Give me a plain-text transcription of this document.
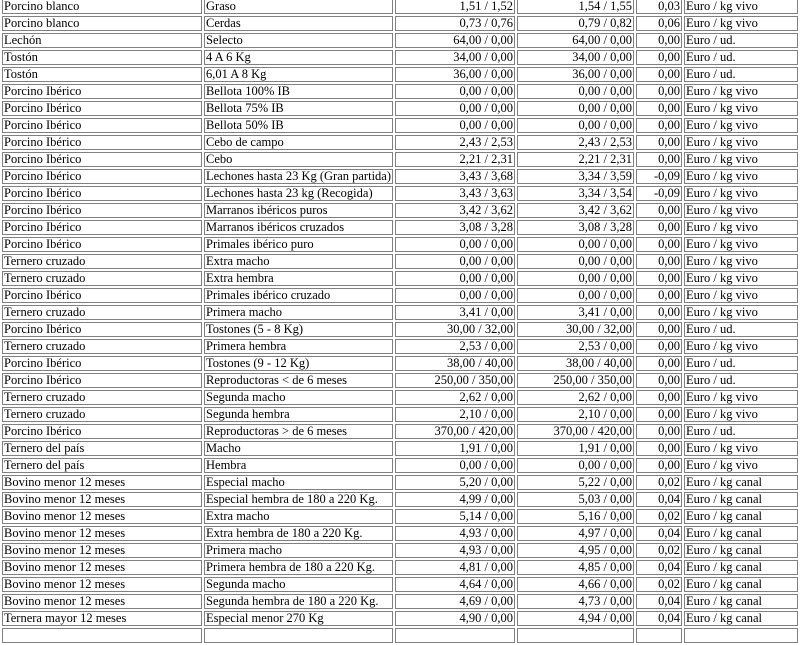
Porcino blanco	Graso	1,51 / 1,52	1,54 / 1,55	0,03	Euro / kg vivo
Porcino blanco	Cerdas	0,73 / 0,76	0,79 / 0,82	0,06	Euro / kg vivo
Lechón	Selecto	64,00 / 0,00	64,00 / 0,00	0,00	Euro / ud.
Tostón	4 A 6 Kg	34,00 / 0,00	34,00 / 0,00	0,00	Euro / ud.
Tostón	6,01 A 8 Kg	36,00 / 0,00	36,00 / 0,00	0,00	Euro / ud.
Porcino Ibérico	Bellota 100% IB	0,00 / 0,00	0,00 / 0,00	0,00	Euro / kg vivo
Porcino Ibérico	Bellota 75% IB	0,00 / 0,00	0,00 / 0,00	0,00	Euro / kg vivo
Porcino Ibérico	Bellota 50% IB	0,00 / 0,00	0,00 / 0,00	0,00	Euro / kg vivo
Porcino Ibérico	Cebo de campo	2,43 / 2,53	2,43 / 2,53	0,00	Euro / kg vivo
Porcino Ibérico	Cebo	2,21 / 2,31	2,21 / 2,31	0,00	Euro / kg vivo
Porcino Ibérico	Lechones hasta 23 Kg (Gran partida)	3,43 / 3,68	3,34 / 3,59	-0,09	Euro / kg vivo
Porcino Ibérico	Lechones hasta 23 kg (Recogida)	3,43 / 3,63	3,34 / 3,54	-0,09	Euro / kg vivo
Porcino Ibérico	Marranos ibéricos puros	3,42 / 3,62	3,42 / 3,62	0,00	Euro / kg vivo
Porcino Ibérico	Marranos ibéricos cruzados	3,08 / 3,28	3,08 / 3,28	0,00	Euro / kg vivo
Porcino Ibérico	Primales ibérico puro	0,00 / 0,00	0,00 / 0,00	0,00	Euro / kg vivo
Ternero cruzado	Extra macho	0,00 / 0,00	0,00 / 0,00	0,00	Euro / kg vivo
Ternero cruzado	Extra hembra	0,00 / 0,00	0,00 / 0,00	0,00	Euro / kg vivo
Porcino Ibérico	Primales ibérico cruzado	0,00 / 0,00	0,00 / 0,00	0,00	Euro / kg vivo
Ternero cruzado	Primera macho	3,41 / 0,00	3,41 / 0,00	0,00	Euro / kg vivo
Porcino Ibérico	Tostones (5 - 8 Kg)	30,00 / 32,00	30,00 / 32,00	0,00	Euro / ud.
Ternero cruzado	Primera hembra	2,53 / 0,00	2,53 / 0,00	0,00	Euro / kg vivo
Porcino Ibérico	Tostones (9 - 12 Kg)	38,00 / 40,00	38,00 / 40,00	0,00	Euro / ud.
Porcino Ibérico	Reproductoras < de 6 meses	250,00 / 350,00	250,00 / 350,00	0,00	Euro / ud.
Ternero cruzado	Segunda macho	2,62 / 0,00	2,62 / 0,00	0,00	Euro / kg vivo
Ternero cruzado	Segunda hembra	2,10 / 0,00	2,10 / 0,00	0,00	Euro / kg vivo
Porcino Ibérico	Reproductoras > de 6 meses	370,00 / 420,00	370,00 / 420,00	0,00	Euro / ud.
Ternero del país	Macho	1,91 / 0,00	1,91 / 0,00	0,00	Euro / kg vivo
Ternero del país	Hembra	0,00 / 0,00	0,00 / 0,00	0,00	Euro / kg vivo
Bovino menor 12 meses	Especial macho	5,20 / 0,00	5,22 / 0,00	0,02	Euro / kg canal
Bovino menor 12 meses	Especial hembra de 180 a 220 Kg.	4,99 / 0,00	5,03 / 0,00	0,04	Euro / kg canal
Bovino menor 12 meses	Extra macho	5,14 / 0,00	5,16 / 0,00	0,02	Euro / kg canal
Bovino menor 12 meses	Extra hembra de 180 a 220 Kg.	4,93 / 0,00	4,97 / 0,00	0,04	Euro / kg canal
Bovino menor 12 meses	Primera macho	4,93 / 0,00	4,95 / 0,00	0,02	Euro / kg canal
Bovino menor 12 meses	Primera hembra de 180 a 220 Kg.	4,81 / 0,00	4,85 / 0,00	0,04	Euro / kg canal
Bovino menor 12 meses	Segunda macho	4,64 / 0,00	4,66 / 0,00	0,02	Euro / kg canal
Bovino menor 12 meses	Segunda hembra de 180 a 220 Kg.	4,69 / 0,00	4,73 / 0,00	0,04	Euro / kg canal
Ternera mayor 12 meses	Especial menor 270 Kg	4,90 / 0,00	4,94 / 0,00	0,04	Euro / kg canal
